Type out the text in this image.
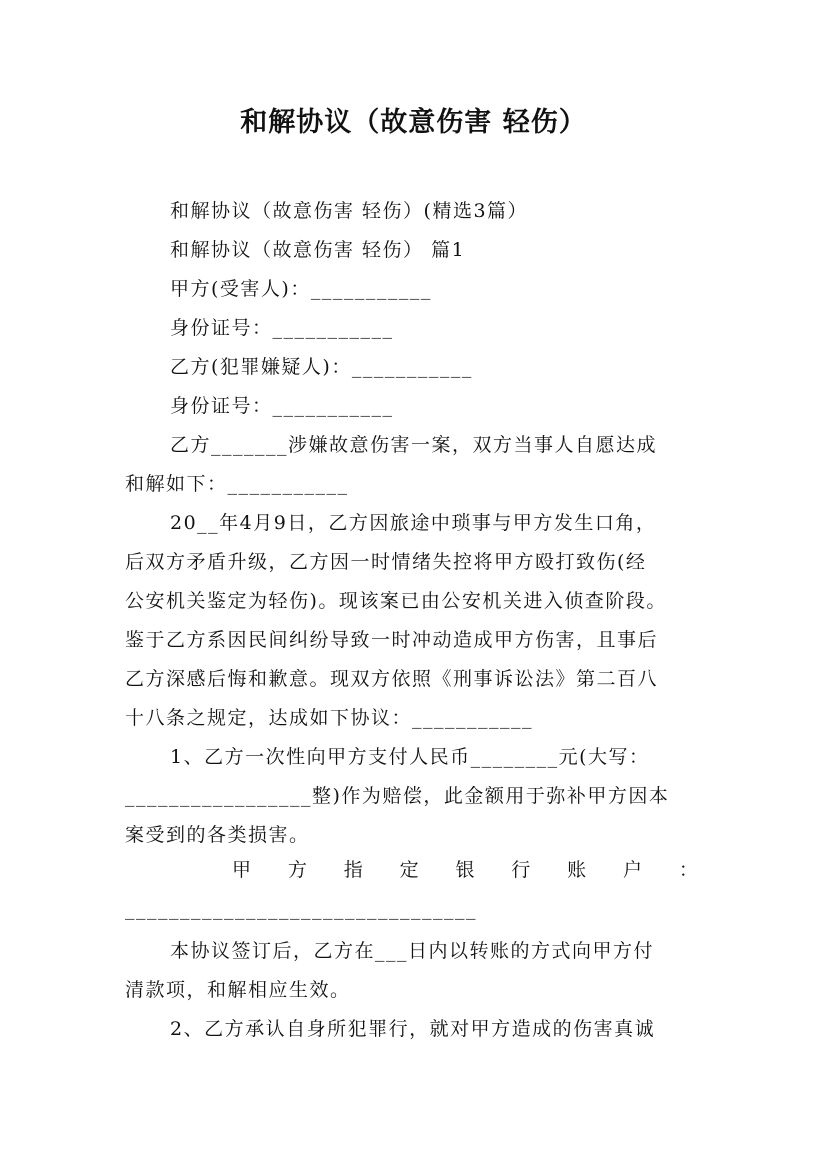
和解协议（故意伤害 轻伤）
和解协议（故意伤害 轻伤）(精选3篇）
和解协议（故意伤害 轻伤） 篇1
甲方(受害人)：___________
身份证号：___________
乙方(犯罪嫌疑人)：___________
身份证号：___________
乙方_______涉嫌故意伤害一案，双方当事人自愿达成
和解如下：___________
20__年4月9日，乙方因旅途中琐事与甲方发生口角，
后双方矛盾升级，乙方因一时情绪失控将甲方殴打致伤(经
公安机关鉴定为轻伤)。现该案已由公安机关进入侦查阶段。
鉴于乙方系因民间纠纷导致一时冲动造成甲方伤害，且事后
乙方深感后悔和歉意。现双方依照《刑事诉讼法》第二百八
十八条之规定，达成如下协议：___________
1、乙方一次性向甲方支付人民币________元(大写：
_________________整)作为赔偿，此金额用于弥补甲方因本
案受到的各类损害。
甲 方 指 定 银 行 账 户 ：
________________________________
本协议签订后，乙方在___日内以转账的方式向甲方付
清款项，和解相应生效。
2、乙方承认自身所犯罪行，就对甲方造成的伤害真诚
